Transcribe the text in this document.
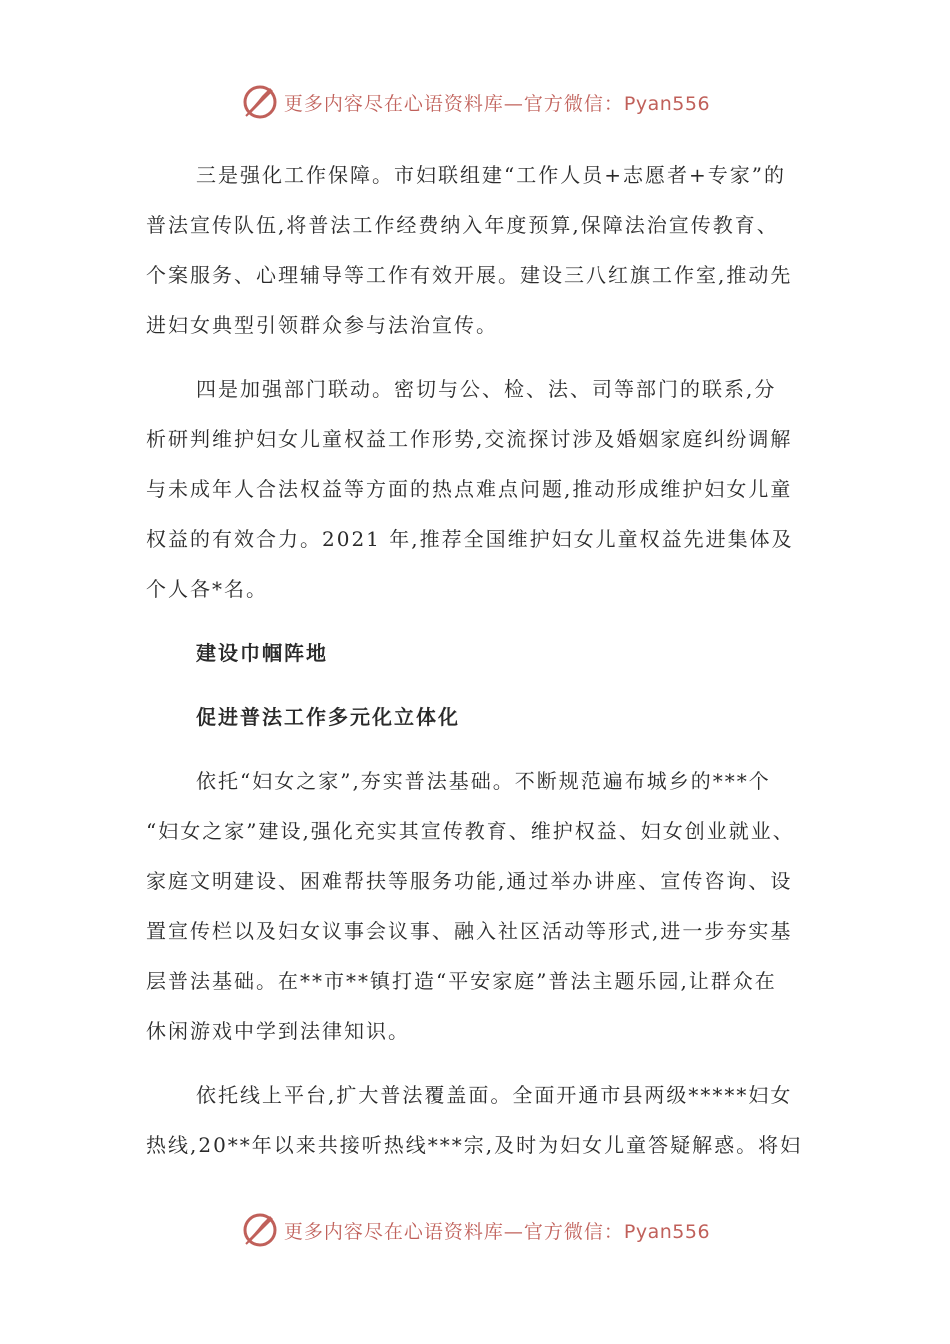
更多内容尽在心语资料库—官方微信：Pyan556
三是强化工作保障。市妇联组建“工作人员+志愿者+专家”的
普法宣传队伍,将普法工作经费纳入年度预算,保障法治宣传教育、
个案服务、心理辅导等工作有效开展。建设三八红旗工作室,推动先
进妇女典型引领群众参与法治宣传。
四是加强部门联动。密切与公、检、法、司等部门的联系,分
析研判维护妇女儿童权益工作形势,交流探讨涉及婚姻家庭纠纷调解
与未成年人合法权益等方面的热点难点问题,推动形成维护妇女儿童
权益的有效合力。2021 年,推荐全国维护妇女儿童权益先进集体及
个人各*名。
建设巾帼阵地
促进普法工作多元化立体化
依托“妇女之家”,夯实普法基础。不断规范遍布城乡的***个
“妇女之家”建设,强化充实其宣传教育、维护权益、妇女创业就业、
家庭文明建设、困难帮扶等服务功能,通过举办讲座、宣传咨询、设
置宣传栏以及妇女议事会议事、融入社区活动等形式,进一步夯实基
层普法基础。在**市**镇打造“平安家庭”普法主题乐园,让群众在
休闲游戏中学到法律知识。
依托线上平台,扩大普法覆盖面。全面开通市县两级*****妇女
热线,20**年以来共接听热线***宗,及时为妇女儿童答疑解惑。将妇
更多内容尽在心语资料库—官方微信：Pyan556
